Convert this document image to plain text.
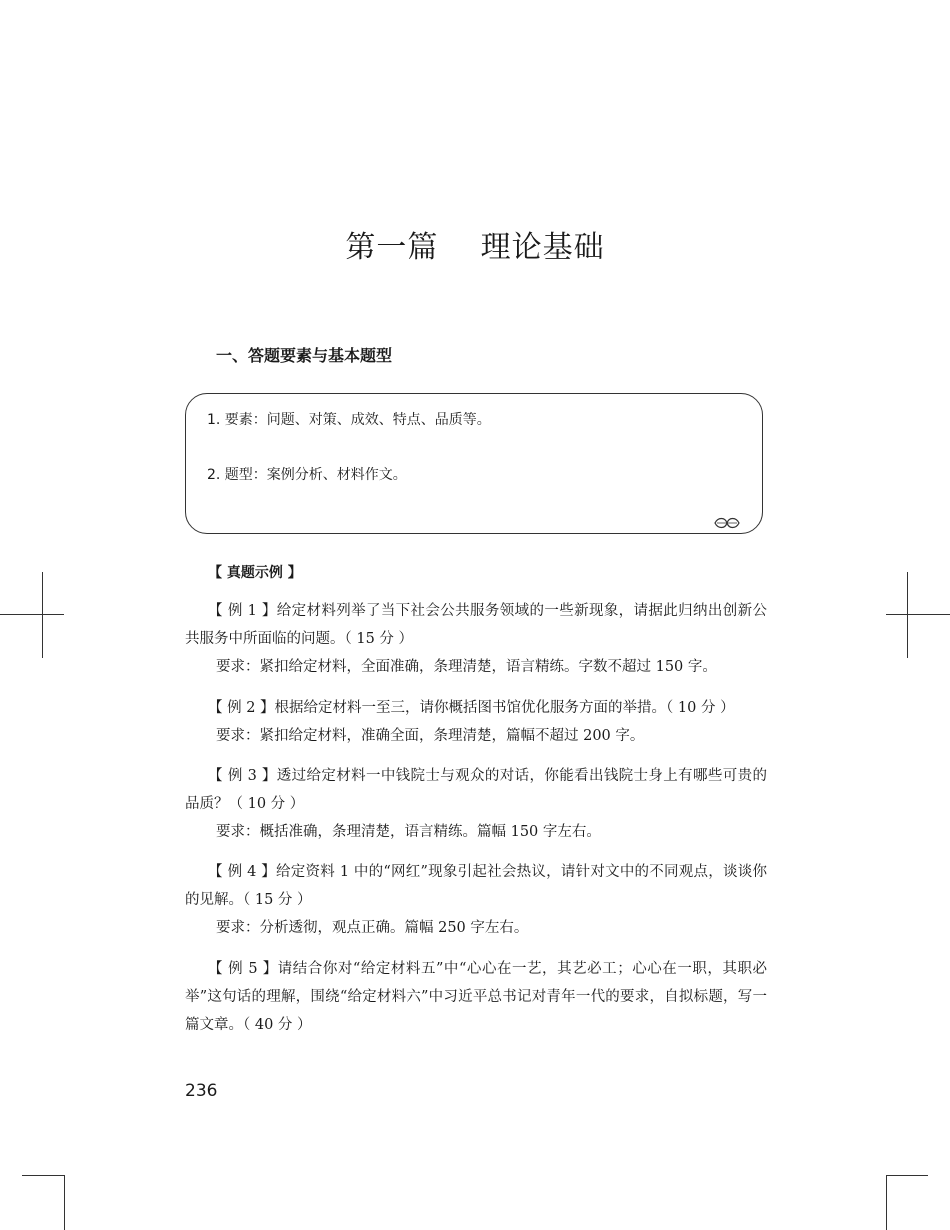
第一篇    理论基础
一、答题要素与基本题型
1. 要素：问题、对策、成效、特点、品质等。
2. 题型：案例分析、材料作文。
【 真题示例 】

【 例 1 】给定材料列举了当下社会公共服务领域的一些新现象，请据此归纳出创新公共服务中所面临的问题。（ 15 分 ）

要求：紧扣给定材料，全面准确，条理清楚，语言精练。字数不超过 150 字。

【 例 2 】根据给定材料一至三，请你概括图书馆优化服务方面的举措。（ 10 分 ）

要求：紧扣给定材料，准确全面，条理清楚，篇幅不超过 200 字。

【 例 3 】透过给定材料一中钱院士与观众的对话，你能看出钱院士身上有哪些可贵的品质？（ 10 分 ）

要求：概括准确，条理清楚，语言精练。篇幅 150 字左右。

【 例 4 】给定资料 1 中的“网红”现象引起社会热议，请针对文中的不同观点，谈谈你的见解。（ 15 分 ）

要求：分析透彻，观点正确。篇幅 250 字左右。

【 例 5 】请结合你对“给定材料五”中“心心在一艺，其艺必工；心心在一职，其职必举”这句话的理解，围绕“给定材料六”中习近平总书记对青年一代的要求，自拟标题，写一篇文章。（ 40 分 ）

236
